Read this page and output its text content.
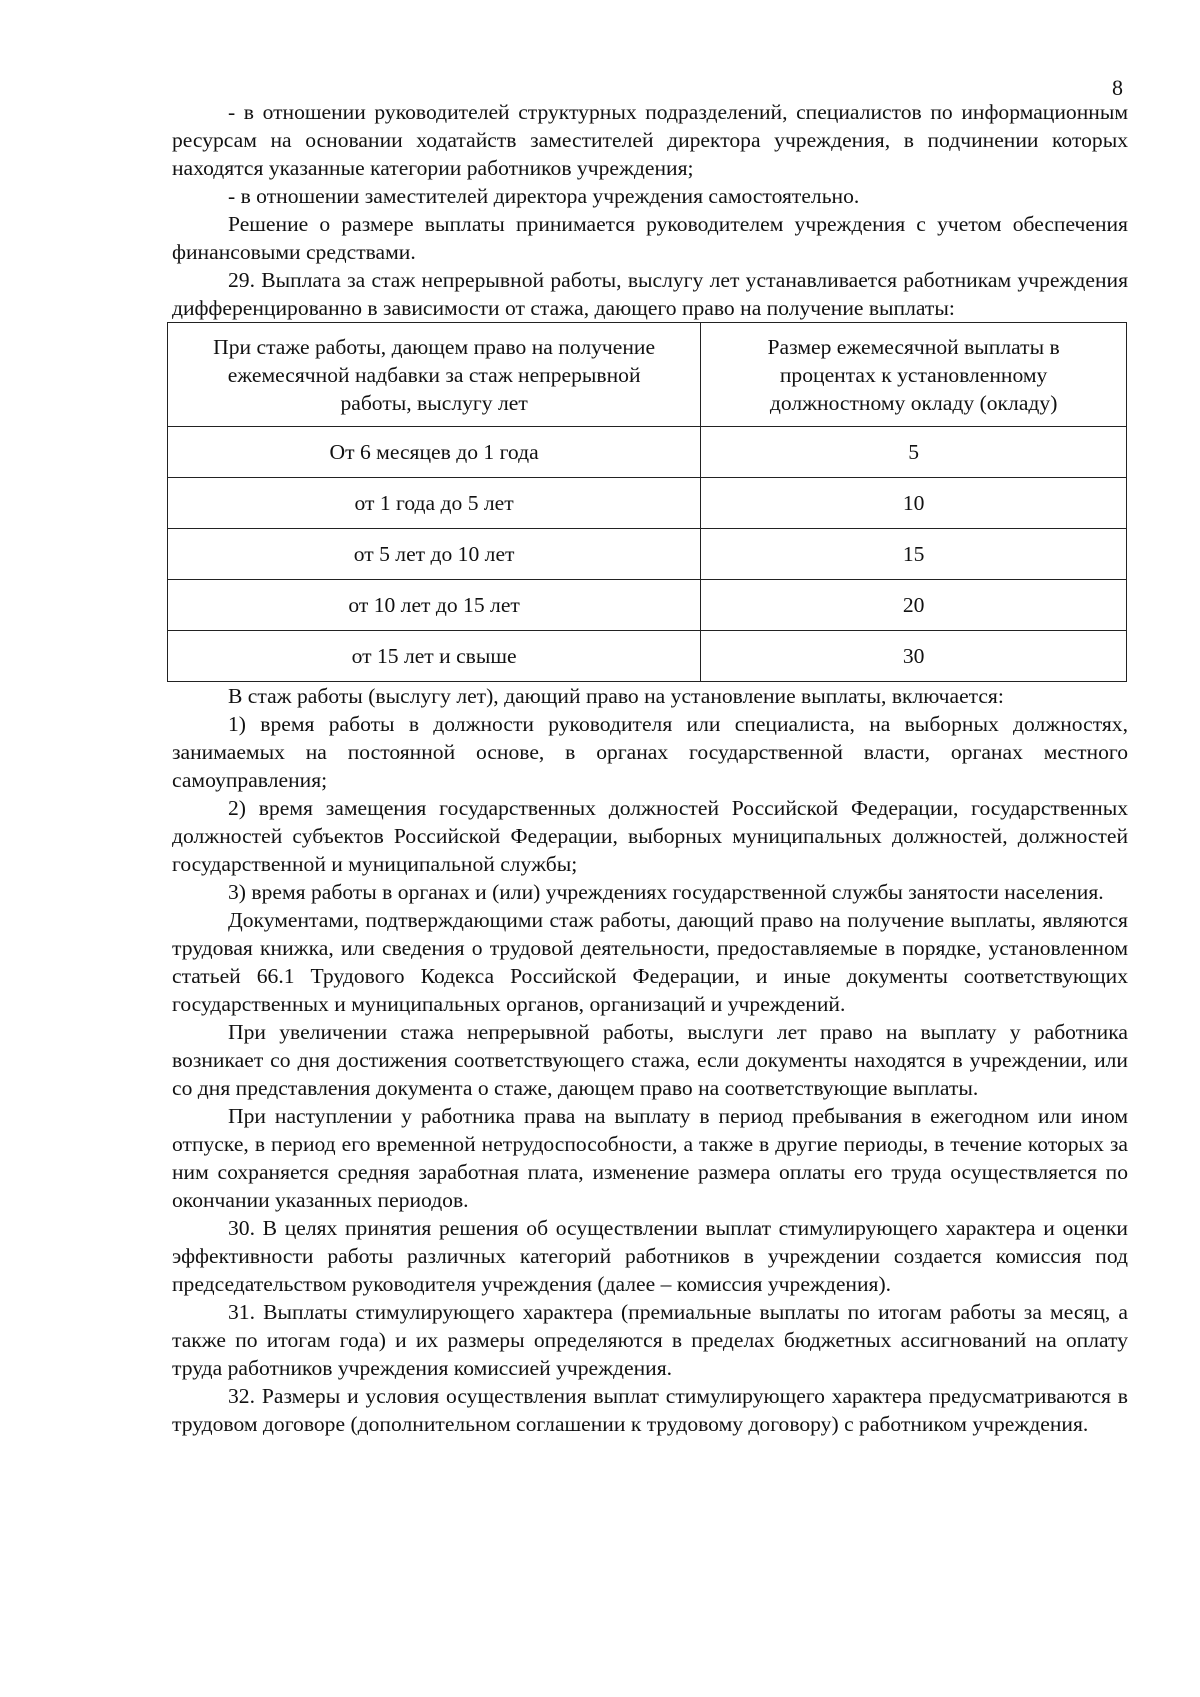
8

- в отношении руководителей структурных подразделений, специалистов по информационным ресурсам на основании ходатайств заместителей директора учреждения, в подчинении которых находятся указанные категории работников учреждения;

- в отношении заместителей директора учреждения самостоятельно.

Решение о размере выплаты принимается руководителем учреждения с учетом обеспечения финансовыми средствами.

29. Выплата за стаж непрерывной работы, выслугу лет устанавливается работникам учреждения дифференцированно в зависимости от стажа, дающего право на получение выплаты:

При стаже работы, дающем право на получение ежемесячной надбавки за стаж непрерывной работы, выслугу лет	Размер ежемесячной выплаты в процентах к установленному должностному окладу (окладу)

От 6 месяцев до 1 года	5
от 1 года до 5 лет	10
от 5 лет до 10 лет	15
от 10 лет до 15 лет	20
от 15 лет и свыше	30

В стаж работы (выслугу лет), дающий право на установление выплаты, включается:

1) время работы в должности руководителя или специалиста, на выборных должностях, занимаемых на постоянной основе, в органах государственной власти, органах местного самоуправления;

2) время замещения государственных должностей Российской Федерации, государственных должностей субъектов Российской Федерации, выборных муниципальных должностей, должностей государственной и муниципальной службы;

3) время работы в органах и (или) учреждениях государственной службы занятости населения.

Документами, подтверждающими стаж работы, дающий право на получение выплаты, являются трудовая книжка, или сведения о трудовой деятельности, предоставляемые в порядке, установленном статьей 66.1 Трудового Кодекса Российской Федерации, и иные документы соответствующих государственных и муниципальных органов, организаций и учреждений.

При увеличении стажа непрерывной работы, выслуги лет право на выплату у работника возникает со дня достижения соответствующего стажа, если документы находятся в учреждении, или со дня представления документа о стаже, дающем право на соответствующие выплаты.

При наступлении у работника права на выплату в период пребывания в ежегодном или ином отпуске, в период его временной нетрудоспособности, а также в другие периоды, в течение которых за ним сохраняется средняя заработная плата, изменение размера оплаты его труда осуществляется по окончании указанных периодов.

30. В целях принятия решения об осуществлении выплат стимулирующего характера и оценки эффективности работы различных категорий работников в учреждении создается комиссия под председательством руководителя учреждения (далее – комиссия учреждения).

31. Выплаты стимулирующего характера (премиальные выплаты по итогам работы за месяц, а также по итогам года) и их размеры определяются в пределах бюджетных ассигнований на оплату труда работников учреждения комиссией учреждения.

32. Размеры и условия осуществления выплат стимулирующего характера предусматриваются в трудовом договоре (дополнительном соглашении к трудовому договору) с работником учреждения.
